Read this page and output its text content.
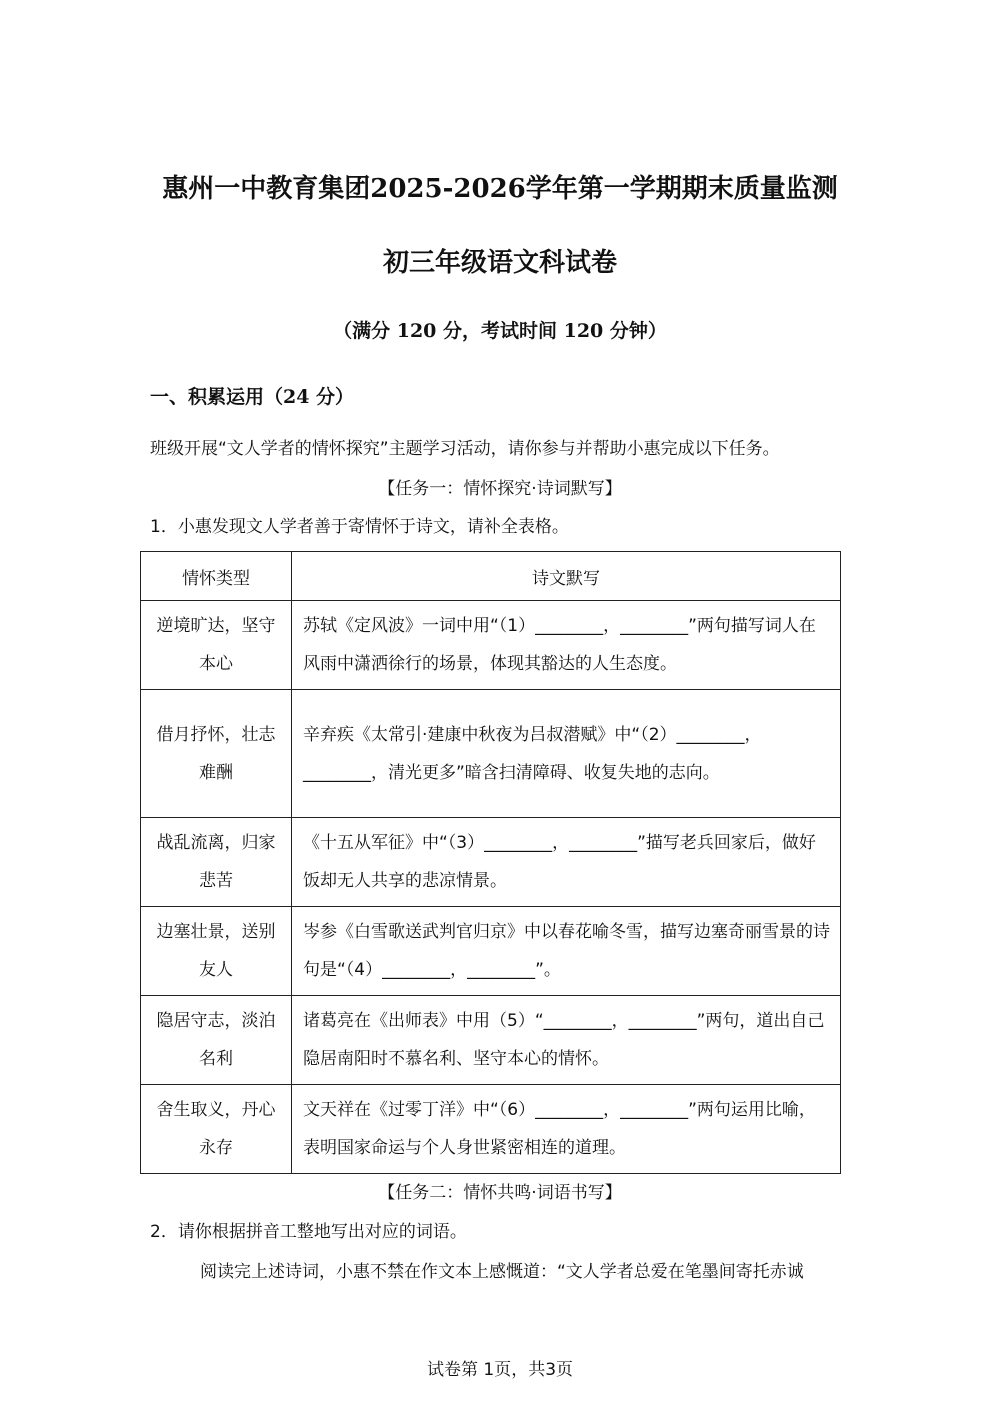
惠州一中教育集团2025-2026学年第一学期期末质量监测
初三年级语文科试卷
（满分 120 分，考试时间 120 分钟）
一、积累运用（24 分）
班级开展“文人学者的情怀探究”主题学习活动，请你参与并帮助小惠完成以下任务。
【任务一：情怀探究·诗词默写】
1．小惠发现文人学者善于寄情怀于诗文，请补全表格。
情怀类型	诗文默写
逆境旷达，坚守
本心	苏轼《定风波》一词中用“（1）________，________”两句描写词人在风雨中潇洒徐行的场景，体现其豁达的人生态度。
借月抒怀，壮志
难酬	辛弃疾《太常引·建康中秋夜为吕叔潜赋》中“（2）________，________，清光更多”暗含扫清障碍、收复失地的志向。
战乱流离，归家
悲苦	《十五从军征》中“（3）________，________”描写老兵回家后，做好饭却无人共享的悲凉情景。
边塞壮景，送别
友人	岑参《白雪歌送武判官归京》中以春花喻冬雪，描写边塞奇丽雪景的诗句是“（4）________，________”。
隐居守志，淡泊
名利	诸葛亮在《出师表》中用（5）“________，________”两句，道出自己隐居南阳时不慕名利、坚守本心的情怀。
舍生取义，丹心
永存	文天祥在《过零丁洋》中“（6）________，________”两句运用比喻，表明国家命运与个人身世紧密相连的道理。
【任务二：情怀共鸣·词语书写】
2．请你根据拼音工整地写出对应的词语。
阅读完上述诗词，小惠不禁在作文本上感慨道：“文人学者总爱在笔墨间寄托赤诚
试卷第 1页，共3页
